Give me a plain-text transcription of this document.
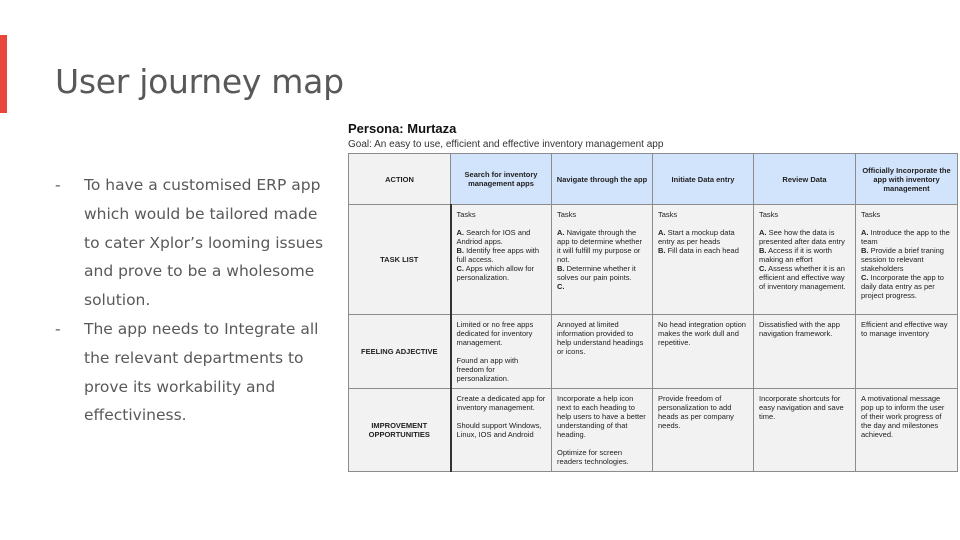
User journey map
- To have a customised ERP app which would be tailored made to cater Xplor’s looming issues and prove to be a wholesome solution.
- The app needs to Integrate all the relevant departments to prove its workability and effectiviness.
Persona: Murtaza
Goal: An easy to use, efficient and effective inventory management app
ACTION	Search for inventory management apps	Navigate through the app	Initiate Data entry	Review Data	Officially Incorporate the app with inventory management
TASK LIST	Tasks
A. Search for IOS and Andriod apps.
B. Identify free apps with full access.
C. Apps which allow for personalization.	Tasks
A. Navigate through the app to determine whether it will fulfill my purpose or not.
B. Determine whether it solves our pain points.
C.	Tasks
A. Start a mockup data entry as per heads
B. Fill data in each head	Tasks
A. See how the data is presented after data entry
B. Access if it is worth making an effort
C. Assess whether it is an efficient and effective way of inventory management.	Tasks
A. Introduce the app to the team
B. Provide a brief traning session to relevant stakeholders
C. Incorporate the app to daily data entry as per project progress.

FEELING ADJECTIVE	Limited or no free apps dedicated for inventory management.
Found an app with freedom for personalization.	Annoyed at limited information provided to help understand headings or icons.	No head integration option makes the work dull and repetitive.	Dissatisfied with the app navigation framework.	Efficient and effective way to manage inventory

IMPROVEMENT OPPORTUNITIES	Create a dedicated app for inventory management.
Should support Windows, Linux, IOS and Android	Incorporate a help icon next to each heading to help users to have a better understanding of that heading.
Optimize for screen readers technologies.	Provide freedom of personalization to add heads as per company needs.	Incorporate shortcuts for easy navigation and save time.	A motivational message pop up to inform the user of their work progress of the day and milestones achieved.
